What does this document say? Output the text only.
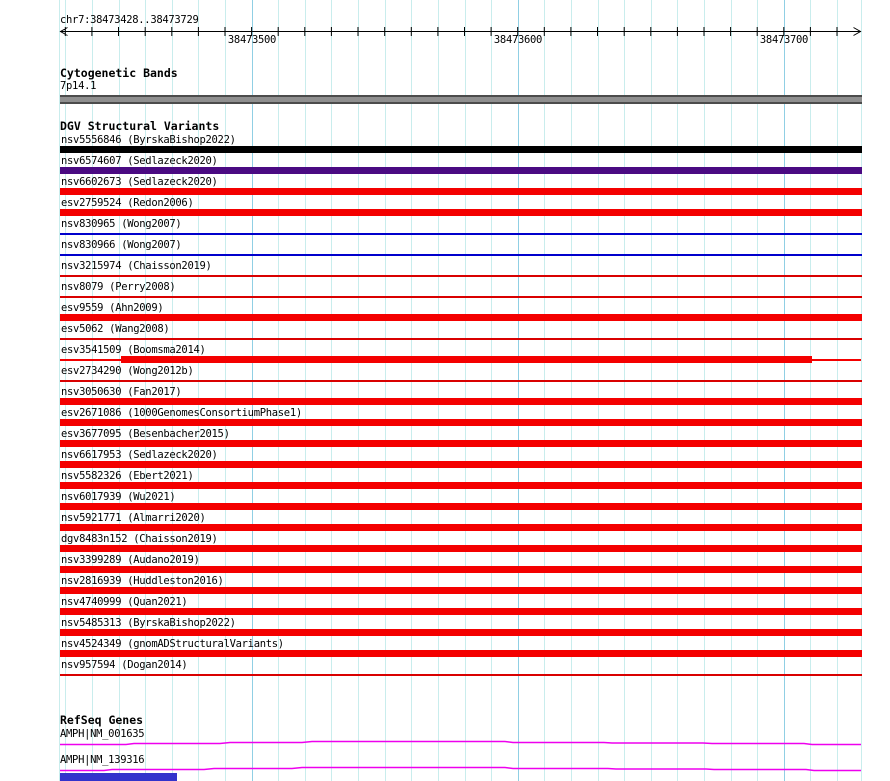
chr7:38473428..38473729
38473500	38473600	38473700
Cytogenetic Bands
7p14.1
DGV Structural Variants
nsv5556846 (ByrskaBishop2022)
nsv6574607 (Sedlazeck2020)
nsv6602673 (Sedlazeck2020)
esv2759524 (Redon2006)
nsv830965 (Wong2007)
nsv830966 (Wong2007)
nsv3215974 (Chaisson2019)
nsv8079 (Perry2008)
esv9559 (Ahn2009)
esv5062 (Wang2008)
esv3541509 (Boomsma2014)
esv2734290 (Wong2012b)
nsv3050630 (Fan2017)
esv2671086 (1000GenomesConsortiumPhase1)
esv3677095 (Besenbacher2015)
nsv6617953 (Sedlazeck2020)
nsv5582326 (Ebert2021)
nsv6017939 (Wu2021)
nsv5921771 (Almarri2020)
dgv8483n152 (Chaisson2019)
nsv3399289 (Audano2019)
nsv2816939 (Huddleston2016)
nsv4740999 (Quan2021)
nsv5485313 (ByrskaBishop2022)
nsv4524349 (gnomADStructuralVariants)
nsv957594 (Dogan2014)
RefSeq Genes
AMPH|NM_001635
AMPH|NM_139316
